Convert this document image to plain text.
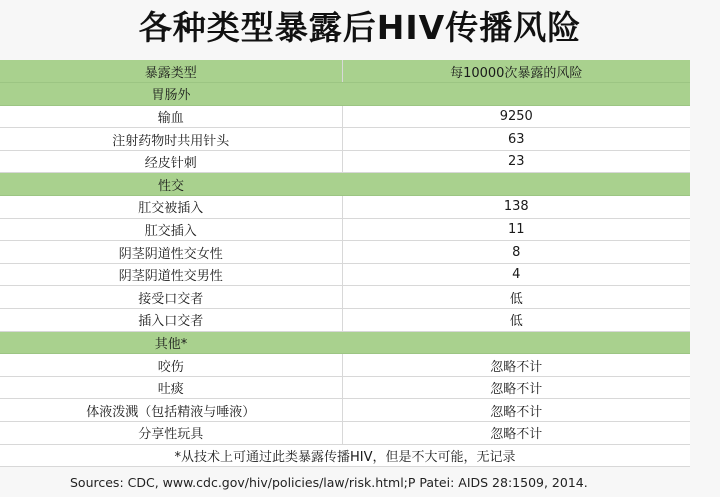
各种类型暴露后HIV传播风险
暴露类型	每10000次暴露的风险
胃肠外	
输血	9250
注射药物时共用针头	63
经皮针刺	23
性交	
肛交被插入	138
肛交插入	11
阴茎阴道性交女性	8
阴茎阴道性交男性	4
接受口交者	低
插入口交者	低
其他*	
咬伤	忽略不计
吐痰	忽略不计
体液泼溅（包括精液与唾液）	忽略不计
分享性玩具	忽略不计
*从技术上可通过此类暴露传播HIV，但是不大可能，无记录	
Sources: CDC, www.cdc.gov/hiv/policies/law/risk.html;P Patei: AIDS 28:1509, 2014.
